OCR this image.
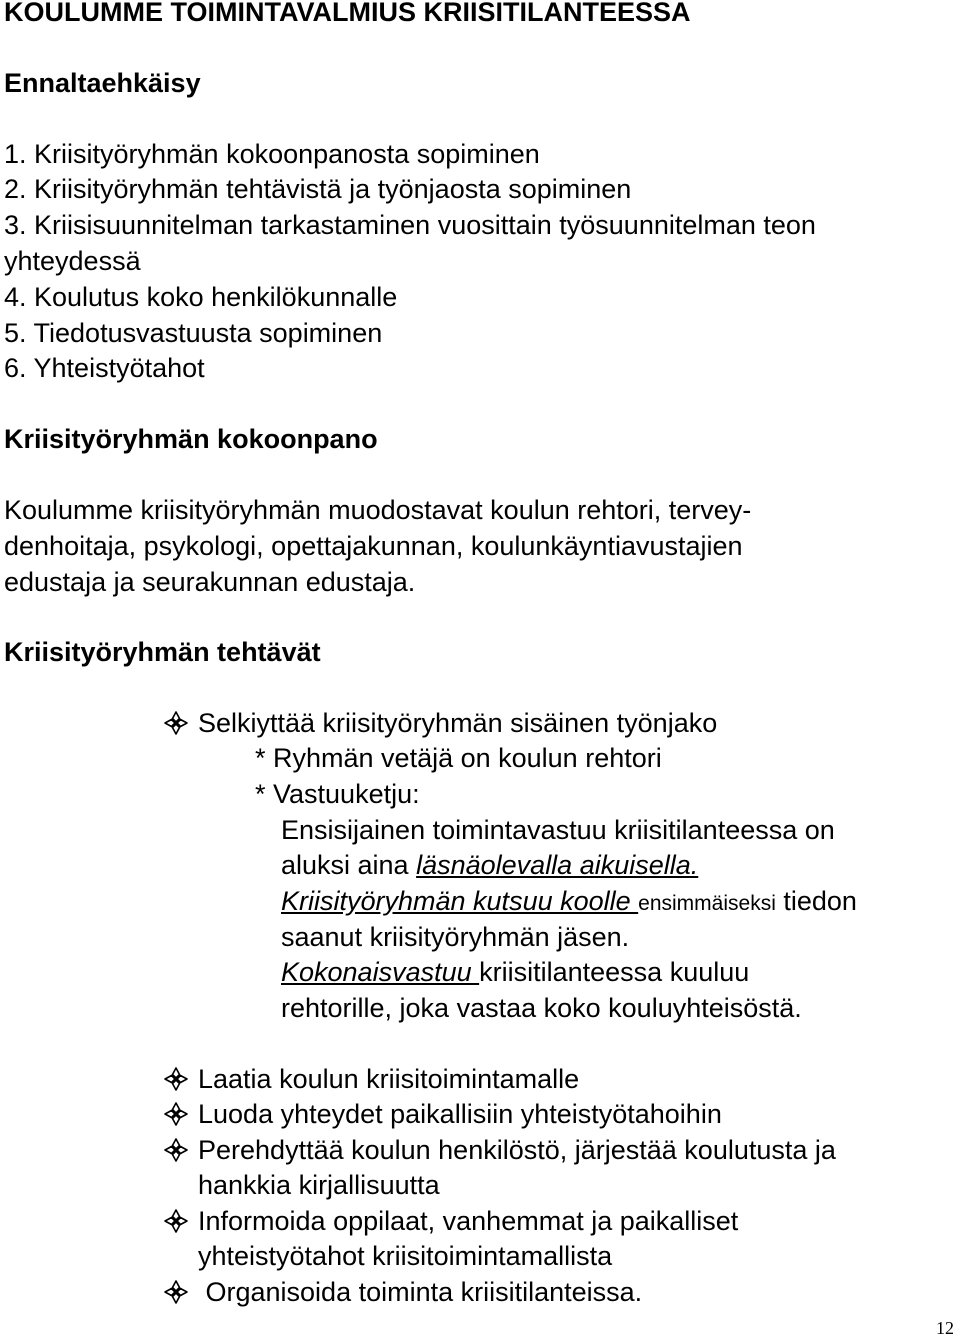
KOULUMME TOIMINTAVALMIUS KRIISITILANTEESSA
Ennaltaehkäisy
1. Kriisityöryhmän kokoonpanosta sopiminen
2. Kriisityöryhmän tehtävistä ja työnjaosta sopiminen
3. Kriisisuunnitelman tarkastaminen vuosittain työsuunnitelman teon
yhteydessä
4. Koulutus koko henkilökunnalle
5. Tiedotusvastuusta sopiminen
6. Yhteistyötahot
Kriisityöryhmän kokoonpano
Koulumme kriisityöryhmän muodostavat koulun rehtori, tervey-
denhoitaja, psykologi, opettajakunnan, koulunkäyntiavustajien
edustaja ja seurakunnan edustaja.
Kriisityöryhmän tehtävät
Selkiyttää kriisityöryhmän sisäinen työnjako
* Ryhmän vetäjä on koulun rehtori
* Vastuuketju:
Ensisijainen toimintavastuu kriisitilanteessa on
aluksi aina läsnäolevalla aikuisella.
Kriisityöryhmän kutsuu koolle ensimmäiseksi tiedon
saanut kriisityöryhmän jäsen.
Kokonaisvastuu kriisitilanteessa kuuluu
rehtorille, joka vastaa koko kouluyhteisöstä.
Laatia koulun kriisitoimintamalle
Luoda yhteydet paikallisiin yhteistyötahoihin
Perehdyttää koulun henkilöstö, järjestää koulutusta ja
hankkia kirjallisuutta
Informoida oppilaat, vanhemmat ja paikalliset
yhteistyötahot kriisitoimintamallista
Organisoida toiminta kriisitilanteissa.
12
